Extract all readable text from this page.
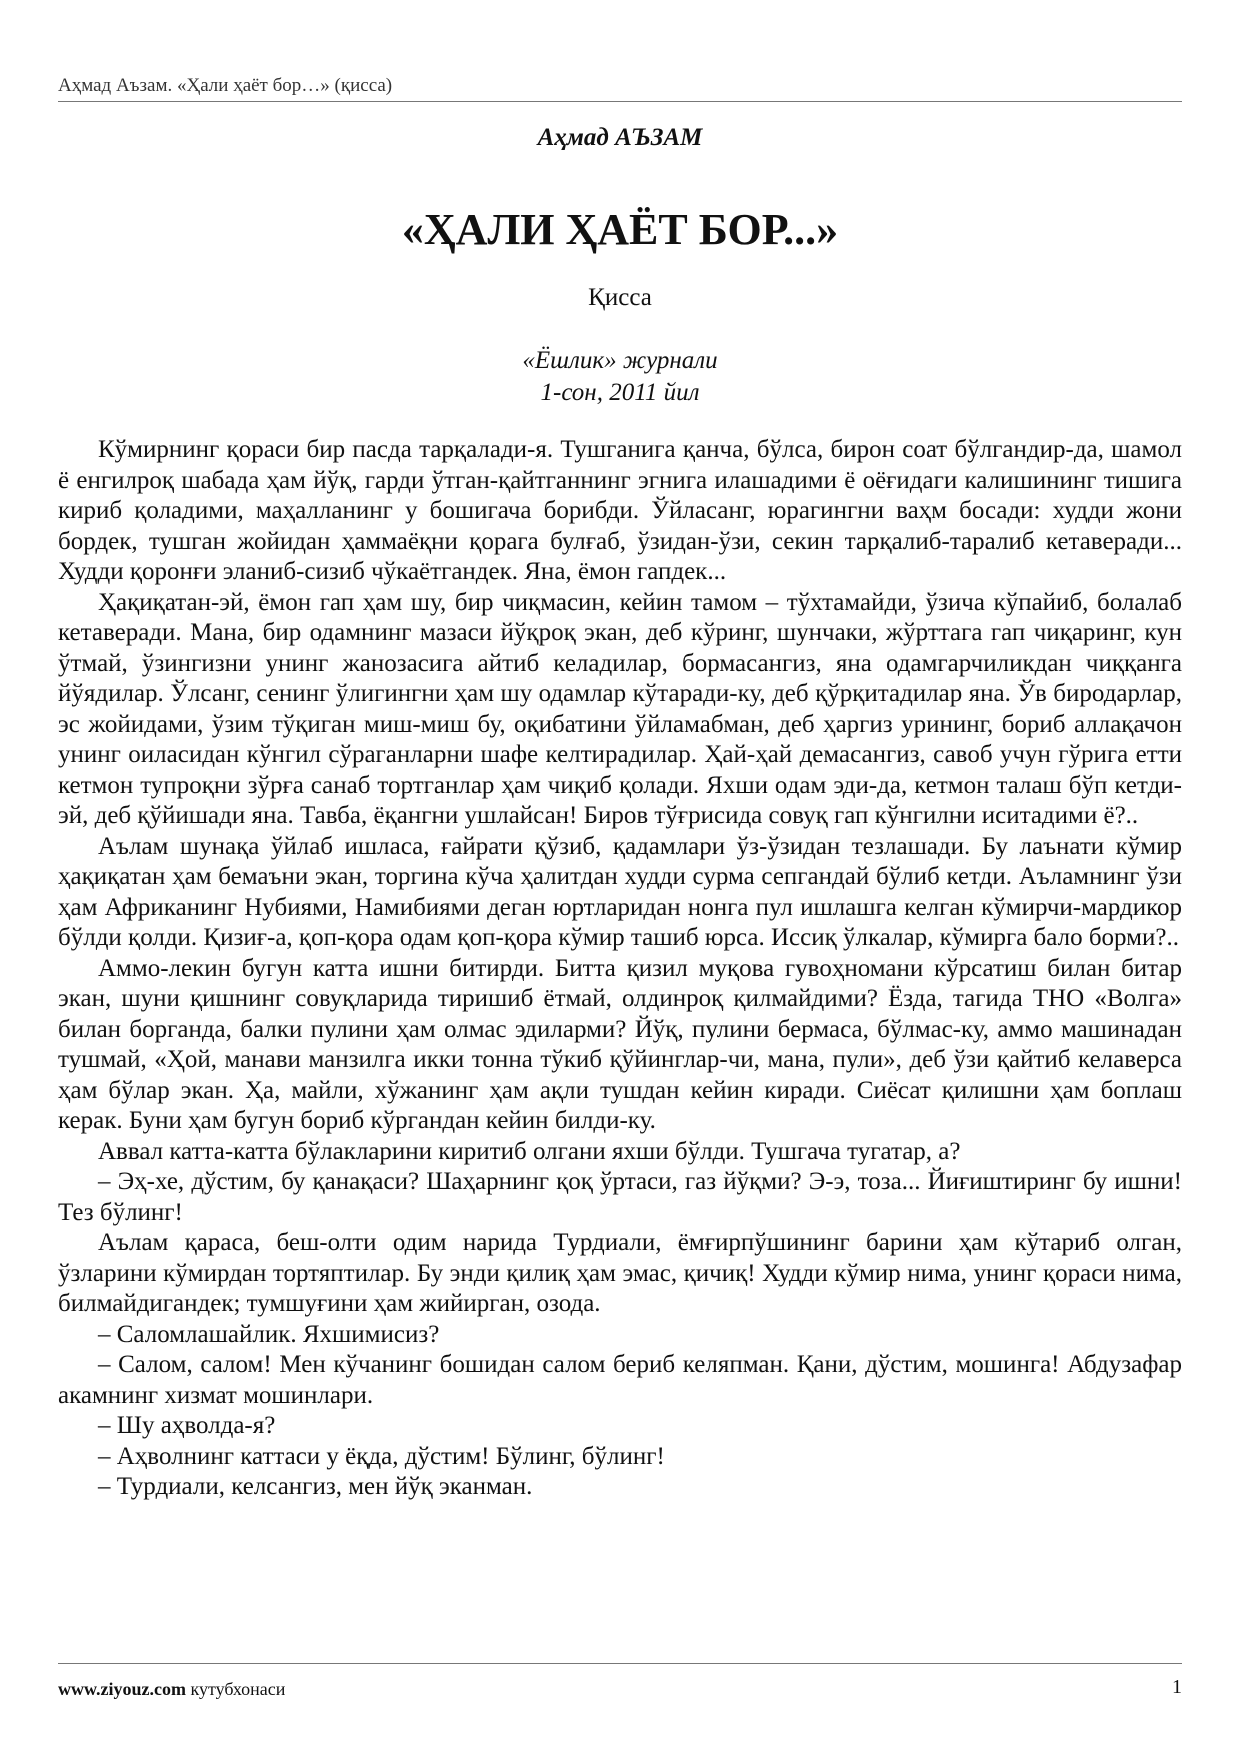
Аҳмад Аъзам. «Ҳали ҳаёт бор…» (қисса)
Аҳмад АЪЗАМ
«ҲАЛИ ҲАЁТ БОР...»
Қисса
«Ёшлик» журнали
1-сон, 2011 йил

Кўмирнинг қораси бир пасда тарқалади-я. Тушганига қанча, бўлса, бирон соат бўлгандир-да, шамол ё енгилроқ шабада ҳам йўқ, гарди ўтган-қайтганнинг эгнига илашадими ё оёғидаги калишининг тишига кириб қоладими, маҳалланинг у бошигача борибди. Ўйласанг, юрагингни ваҳм босади: худди жони бордек, тушган жойидан ҳаммаёқни қорага булғаб, ўзидан-ўзи, секин тарқалиб-таралиб кетаверади... Худди қоронғи эланиб-сизиб чўкаётгандек. Яна, ёмон гапдек...

Ҳақиқатан-эй, ёмон гап ҳам шу, бир чиқмасин, кейин тамом – тўхтамайди, ўзича кўпайиб, болалаб кетаверади. Мана, бир одамнинг мазаси йўқроқ экан, деб кўринг, шунчаки, жўрттага гап чиқаринг, кун ўтмай, ўзингизни унинг жанозасига айтиб келадилар, бормасангиз, яна одамгарчиликдан чиққанга йўядилар. Ўлсанг, сенинг ўлигингни ҳам шу одамлар кўтаради-ку, деб қўрқитадилар яна. Ўв биродарлар, эс жойидами, ўзим тўқиган миш-миш бу, оқибатини ўйламабман, деб ҳаргиз урининг, бориб аллақачон унинг оиласидан кўнгил сўраганларни шафе келтирадилар. Ҳай-ҳай демасангиз, савоб учун гўрига етти кетмон тупроқни зўрға санаб тортганлар ҳам чиқиб қолади. Яхши одам эди-да, кетмон талаш бўп кетди-эй, деб қўйишади яна. Тавба, ёқангни ушлайсан! Биров тўғрисида совуқ гап кўнгилни иситадими ё?..

Аълам шунақа ўйлаб ишласа, ғайрати қўзиб, қадамлари ўз-ўзидан тезлашади. Бу лаънати кўмир ҳақиқатан ҳам бемаъни экан, торгина кўча ҳалитдан худди сурма сепгандай бўлиб кетди. Аъламнинг ўзи ҳам Африканинг Нубиями, Намибиями деган юртларидан нонга пул ишлашга келган кўмирчи-мардикор бўлди қолди. Қизиғ-а, қоп-қора одам қоп-қора кўмир ташиб юрса. Иссиқ ўлкалар, кўмирга бало борми?..

Аммо-лекин бугун катта ишни битирди. Битта қизил муқова гувоҳномани кўрсатиш билан битар экан, шуни қишнинг совуқларида тиришиб ётмай, олдинроқ қилмайдими? Ёзда, тагида ТНО «Волга» билан борганда, балки пулини ҳам олмас эдиларми? Йўқ, пулини бермаса, бўлмас-ку, аммо машинадан тушмай, «Ҳой, манави манзилга икки тонна тўкиб қўйинглар-чи, мана, пули», деб ўзи қайтиб келаверса ҳам бўлар экан. Ҳа, майли, хўжанинг ҳам ақли тушдан кейин киради. Сиёсат қилишни ҳам боплаш керак. Буни ҳам бугун бориб кўргандан кейин билди-ку.

Аввал катта-катта бўлакларини киритиб олгани яхши бўлди. Тушгача тугатар, а?

– Эҳ-хе, дўстим, бу қанақаси? Шаҳарнинг қоқ ўртаси, газ йўқми? Э-э, тоза... Йиғиштиринг бу ишни! Тез бўлинг!

Аълам қараса, беш-олти одим нарида Турдиали, ёмғирпўшининг барини ҳам кўтариб олган, ўзларини кўмирдан тортяптилар. Бу энди қилиқ ҳам эмас, қичиқ! Худди кўмир нима, унинг қораси нима, билмайдигандек; тумшуғини ҳам жийирган, озода.

– Саломлашайлик. Яхшимисиз?

– Салом, салом! Мен кўчанинг бошидан салом бериб келяпман. Қани, дўстим, мошинга! Абдузафар акамнинг хизмат мошинлари.

– Шу аҳволда-я?

– Аҳволнинг каттаси у ёқда, дўстим! Бўлинг, бўлинг!

– Турдиали, келсангиз, мен йўқ эканман.

www.ziyouz.com кутубхонаси	1
